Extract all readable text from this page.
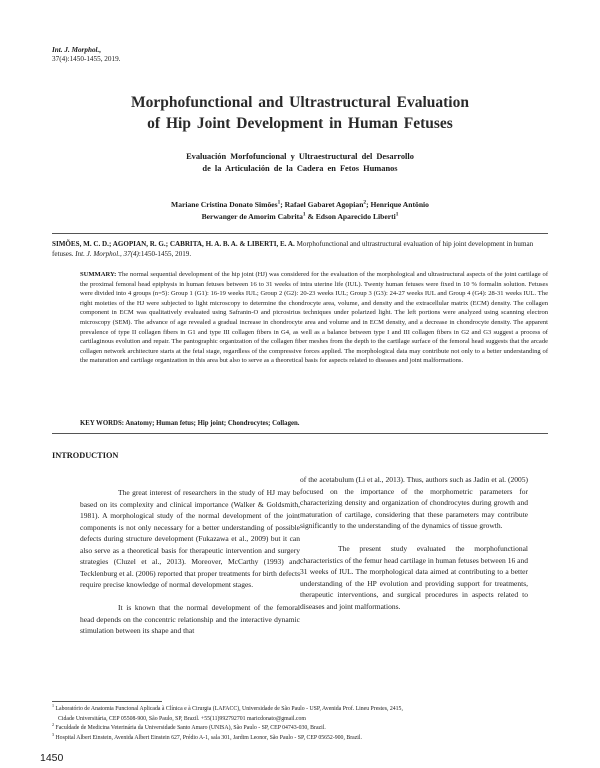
Int. J. Morphol.,
37(4):1450-1455, 2019.
Morphofunctional and Ultrastructural Evaluation
of Hip Joint Development in Human Fetuses
Evaluación Morfofuncional y Ultraestructural del Desarrollo
de la Articulación de la Cadera en Fetos Humanos
Mariane Cristina Donato Simões$^1$; Rafael Gabaret Agopian$^2$; Henrique Antônio
Berwanger de Amorim Cabrita$^1$ & Edson Aparecido Liberti$^1$
SIMÕES, M. C. D.; AGOPIAN, R. G.; CABRITA, H. A. B. A. & LIBERTI, E. A. Morphofunctional and ultrastructural evaluation of hip joint development in human fetuses. Int. J. Morphol., 37(4):1450-1455, 2019.
SUMMARY: The normal sequential development of the hip joint (HJ) was considered for the evaluation of the morphological and ultrastructural aspects of the joint cartilage of the proximal femoral head epiphysis in human fetuses between 16 to 31 weeks of intra uterine life (IUL). Twenty human fetuses were fixed in 10 % formalin solution. Fetuses were divided into 4 groups (n=5): Group 1 (G1): 16-19 weeks IUL; Group 2 (G2): 20-23 weeks IUL; Group 3 (G3): 24-27 weeks IUL and Group 4 (G4): 28-31 weeks IUL. The right moieties of the HJ were subjected to light microscopy to determine the chondrocyte area, volume, and density and the extracellular matrix (ECM) density. The collagen component in ECM was qualitatively evaluated using Safranin-O and picrosirius techniques under polarized light. The left portions were analyzed using scanning electron microscopy (SEM). The advance of age revealed a gradual increase in chondrocyte area and volume and in ECM density, and a decrease in chondrocyte density. The apparent prevalence of type II collagen fibers in G1 and type III collagen fibers in G4, as well as a balance between type I and III collagen fibers in G2 and G3 suggest a process of cartilaginous evolution and repair. The pantographic organization of the collagen fiber meshes from the depth to the cartilage surface of the femoral head suggests that the arcade collagen network architecture starts at the fetal stage, regardless of the compressive forces applied. The morphological data may contribute not only to a better understanding of the maturation and cartilage organization in this area but also to serve as a theoretical basis for aspects related to diseases and joint malformations.
KEY WORDS: Anatomy; Human fetus; Hip joint; Chondrocytes; Collagen.
INTRODUCTION

The great interest of researchers in the study of HJ may be based on its complexity and clinical importance (Walker & Goldsmith, 1981). A morphological study of the normal development of the joint components is not only necessary for a better understanding of possible defects during structure development (Fukazawa et al., 2009) but it can also serve as a theoretical basis for therapeutic intervention and surgery strategies (Cluzel et al., 2013). Moreover, McCarthy (1993) and Tecklenburg et al. (2006) reported that proper treatments for birth defects require precise knowledge of normal development stages.

It is known that the normal development of the femoral head depends on the concentric relationship and the interactive dynamic stimulation between its shape and that

of the acetabulum (Li et al., 2013). Thus, authors such as Jadin et al. (2005) focused on the importance of the morphometric parameters for characterizing density and organization of chondrocytes during growth and maturation of cartilage, considering that these parameters may contribute significantly to the understanding of the dynamics of tissue growth.

The present study evaluated the morphofunctional characteristics of the femur head cartilage in human fetuses between 16 and 31 weeks of IUL. The morphological data aimed at contributing to a better understanding of the HP evolution and providing support for treatments, therapeutic interventions, and surgical procedures in aspects related to diseases and joint malformations.

$^1$ Laboratório de Anatomia Funcional Aplicada à Clínica e à Cirurgia (LAFACC), Universidade de São Paulo - USP, Avenida Prof. Lineu Prestes, 2415,
Cidade Universitária, CEP 05508-900, São Paulo, SP, Brazil. +55(11)992792701 maricdonato@gmail.com
$^2$ Faculdade de Medicina Veterinária da Universidade Santo Amaro (UNISA), São Paulo - SP, CEP 04743-030, Brazil.
$^3$ Hospital Albert Einstein, Avenida Albert Einstein 627, Prédio A-1, sala 301, Jardim Leonor, São Paulo - SP, CEP 05652-900, Brazil.
1450
